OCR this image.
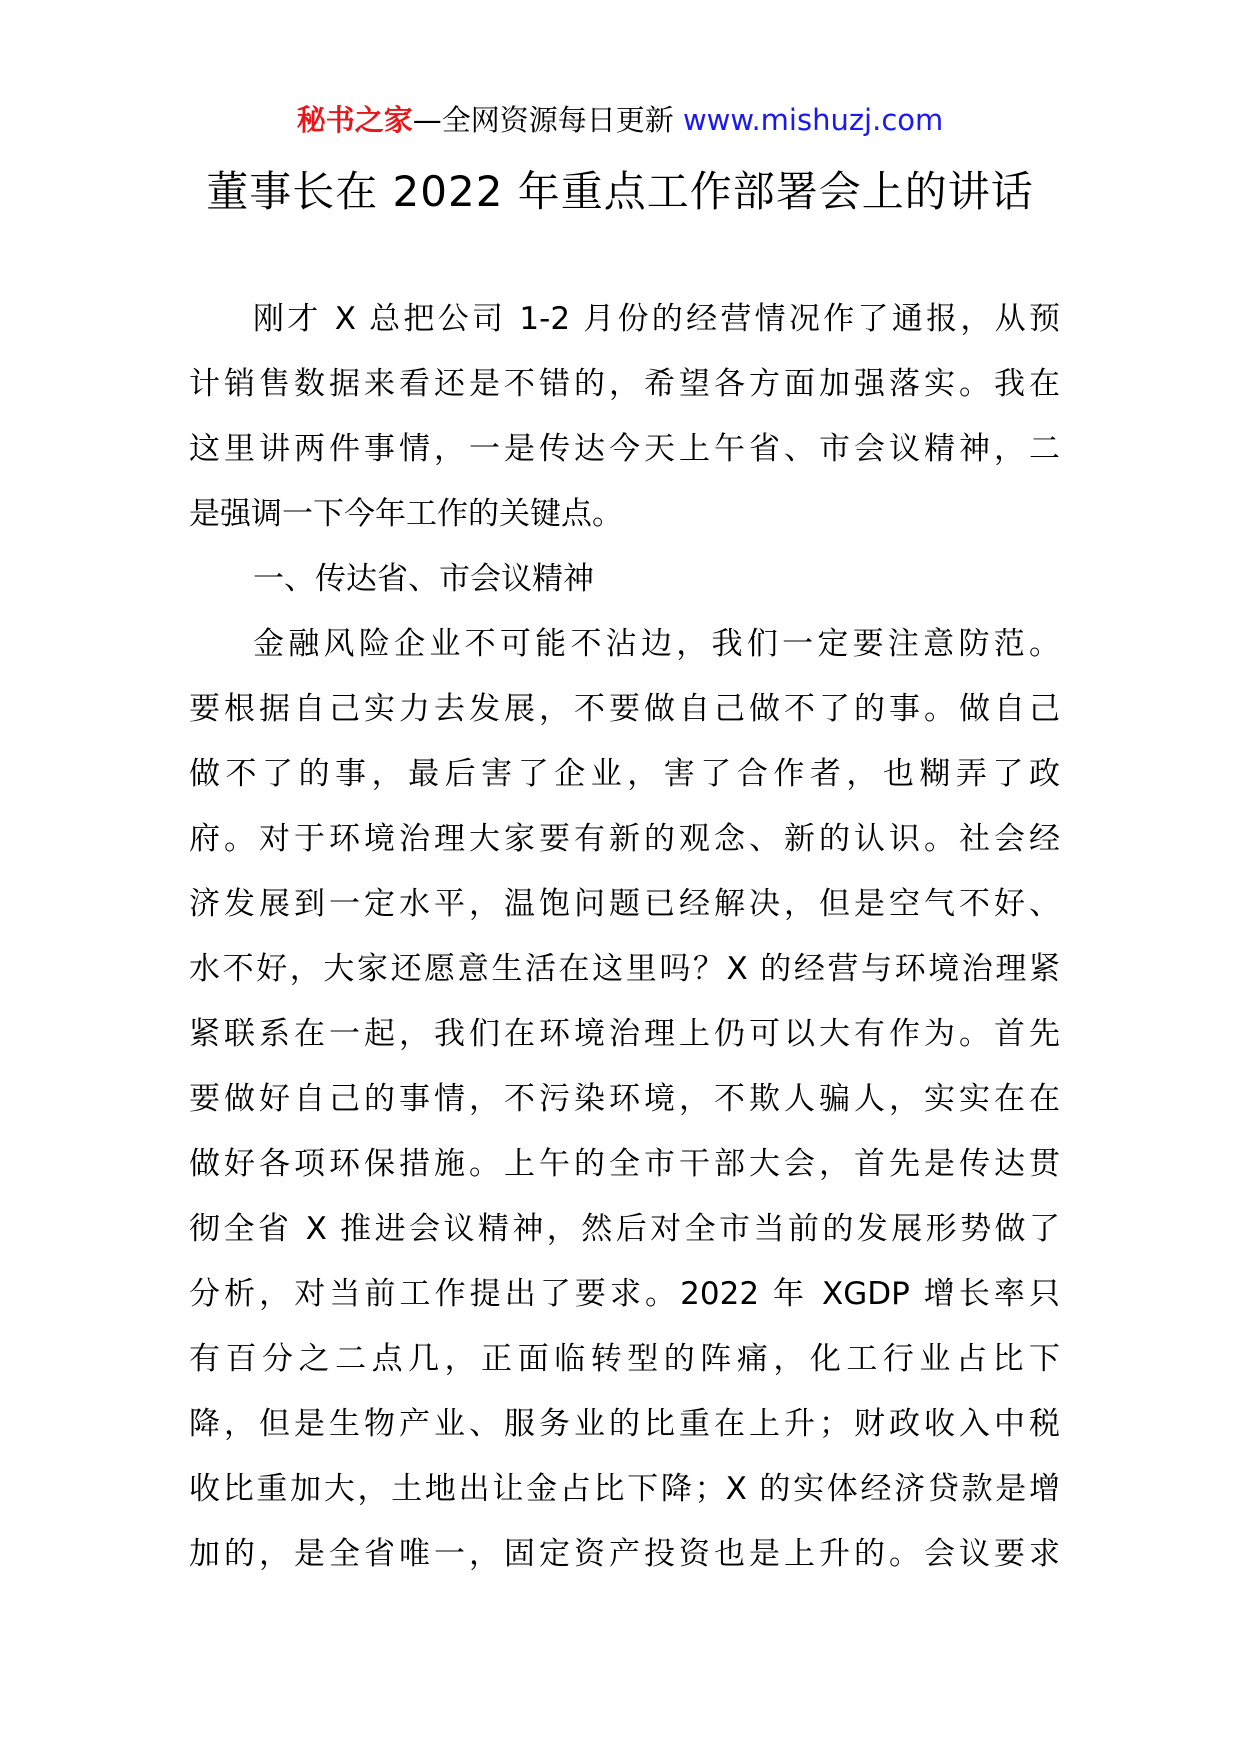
秘书之家—全网资源每日更新 www.mishuzj.com
董事长在 2022 年重点工作部署会上的讲话
刚才 X 总把公司 1-2 月份的经营情况作了通报，从预
计销售数据来看还是不错的，希望各方面加强落实。我在
这里讲两件事情，一是传达今天上午省、市会议精神，二
是强调一下今年工作的关键点。
一、传达省、市会议精神
金融风险企业不可能不沾边，我们一定要注意防范。
要根据自己实力去发展，不要做自己做不了的事。做自己
做不了的事，最后害了企业，害了合作者，也糊弄了政
府。对于环境治理大家要有新的观念、新的认识。社会经
济发展到一定水平，温饱问题已经解决，但是空气不好、
水不好，大家还愿意生活在这里吗？X 的经营与环境治理紧
紧联系在一起，我们在环境治理上仍可以大有作为。首先
要做好自己的事情，不污染环境，不欺人骗人，实实在在
做好各项环保措施。上午的全市干部大会，首先是传达贯
彻全省 X 推进会议精神，然后对全市当前的发展形势做了
分析，对当前工作提出了要求。2022 年 XGDP 增长率只
有百分之二点几，正面临转型的阵痛，化工行业占比下
降，但是生物产业、服务业的比重在上升；财政收入中税
收比重加大，土地出让金占比下降；X 的实体经济贷款是增
加的，是全省唯一，固定资产投资也是上升的。会议要求
